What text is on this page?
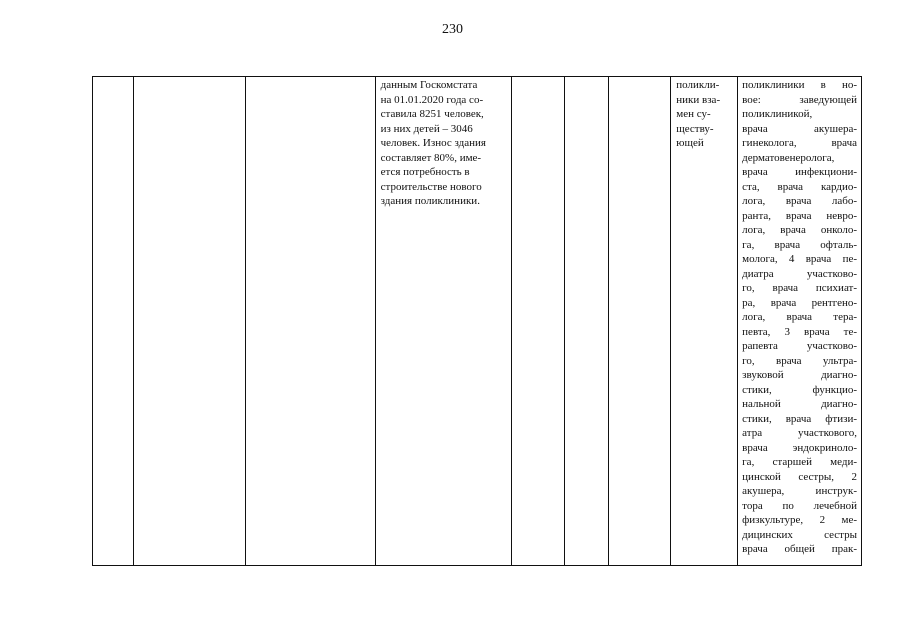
230
данным Госкомстата
на 01.01.2020 года со-
ставила 8251 человек,
из них детей – 3046
человек. Износ здания
составляет 80%, име-
ется потребность в
строительстве нового
здания поликлиники.
поликли-
ники вза-
мен су-
ществу-
ющей
поликлиники в но-
вое: заведующей
поликлиникой,
врача акушера-
гинеколога, врача
дерматовенеролога,
врача инфекциони-
ста, врача кардио-
лога, врача лабо-
ранта, врача невро-
лога, врача онколо-
га, врача офталь-
молога, 4 врача пе-
диатра участково-
го, врача психиат-
ра, врача рентгено-
лога, врача тера-
певта, 3 врача те-
рапевта участково-
го, врача ультра-
звуковой диагно-
стики, функцио-
нальной диагно-
стики, врача фтизи-
атра участкового,
врача эндокриноло-
га, старшей меди-
цинской сестры, 2
акушера, инструк-
тора по лечебной
физкультуре, 2 ме-
дицинских сестры
врача общей прак-
